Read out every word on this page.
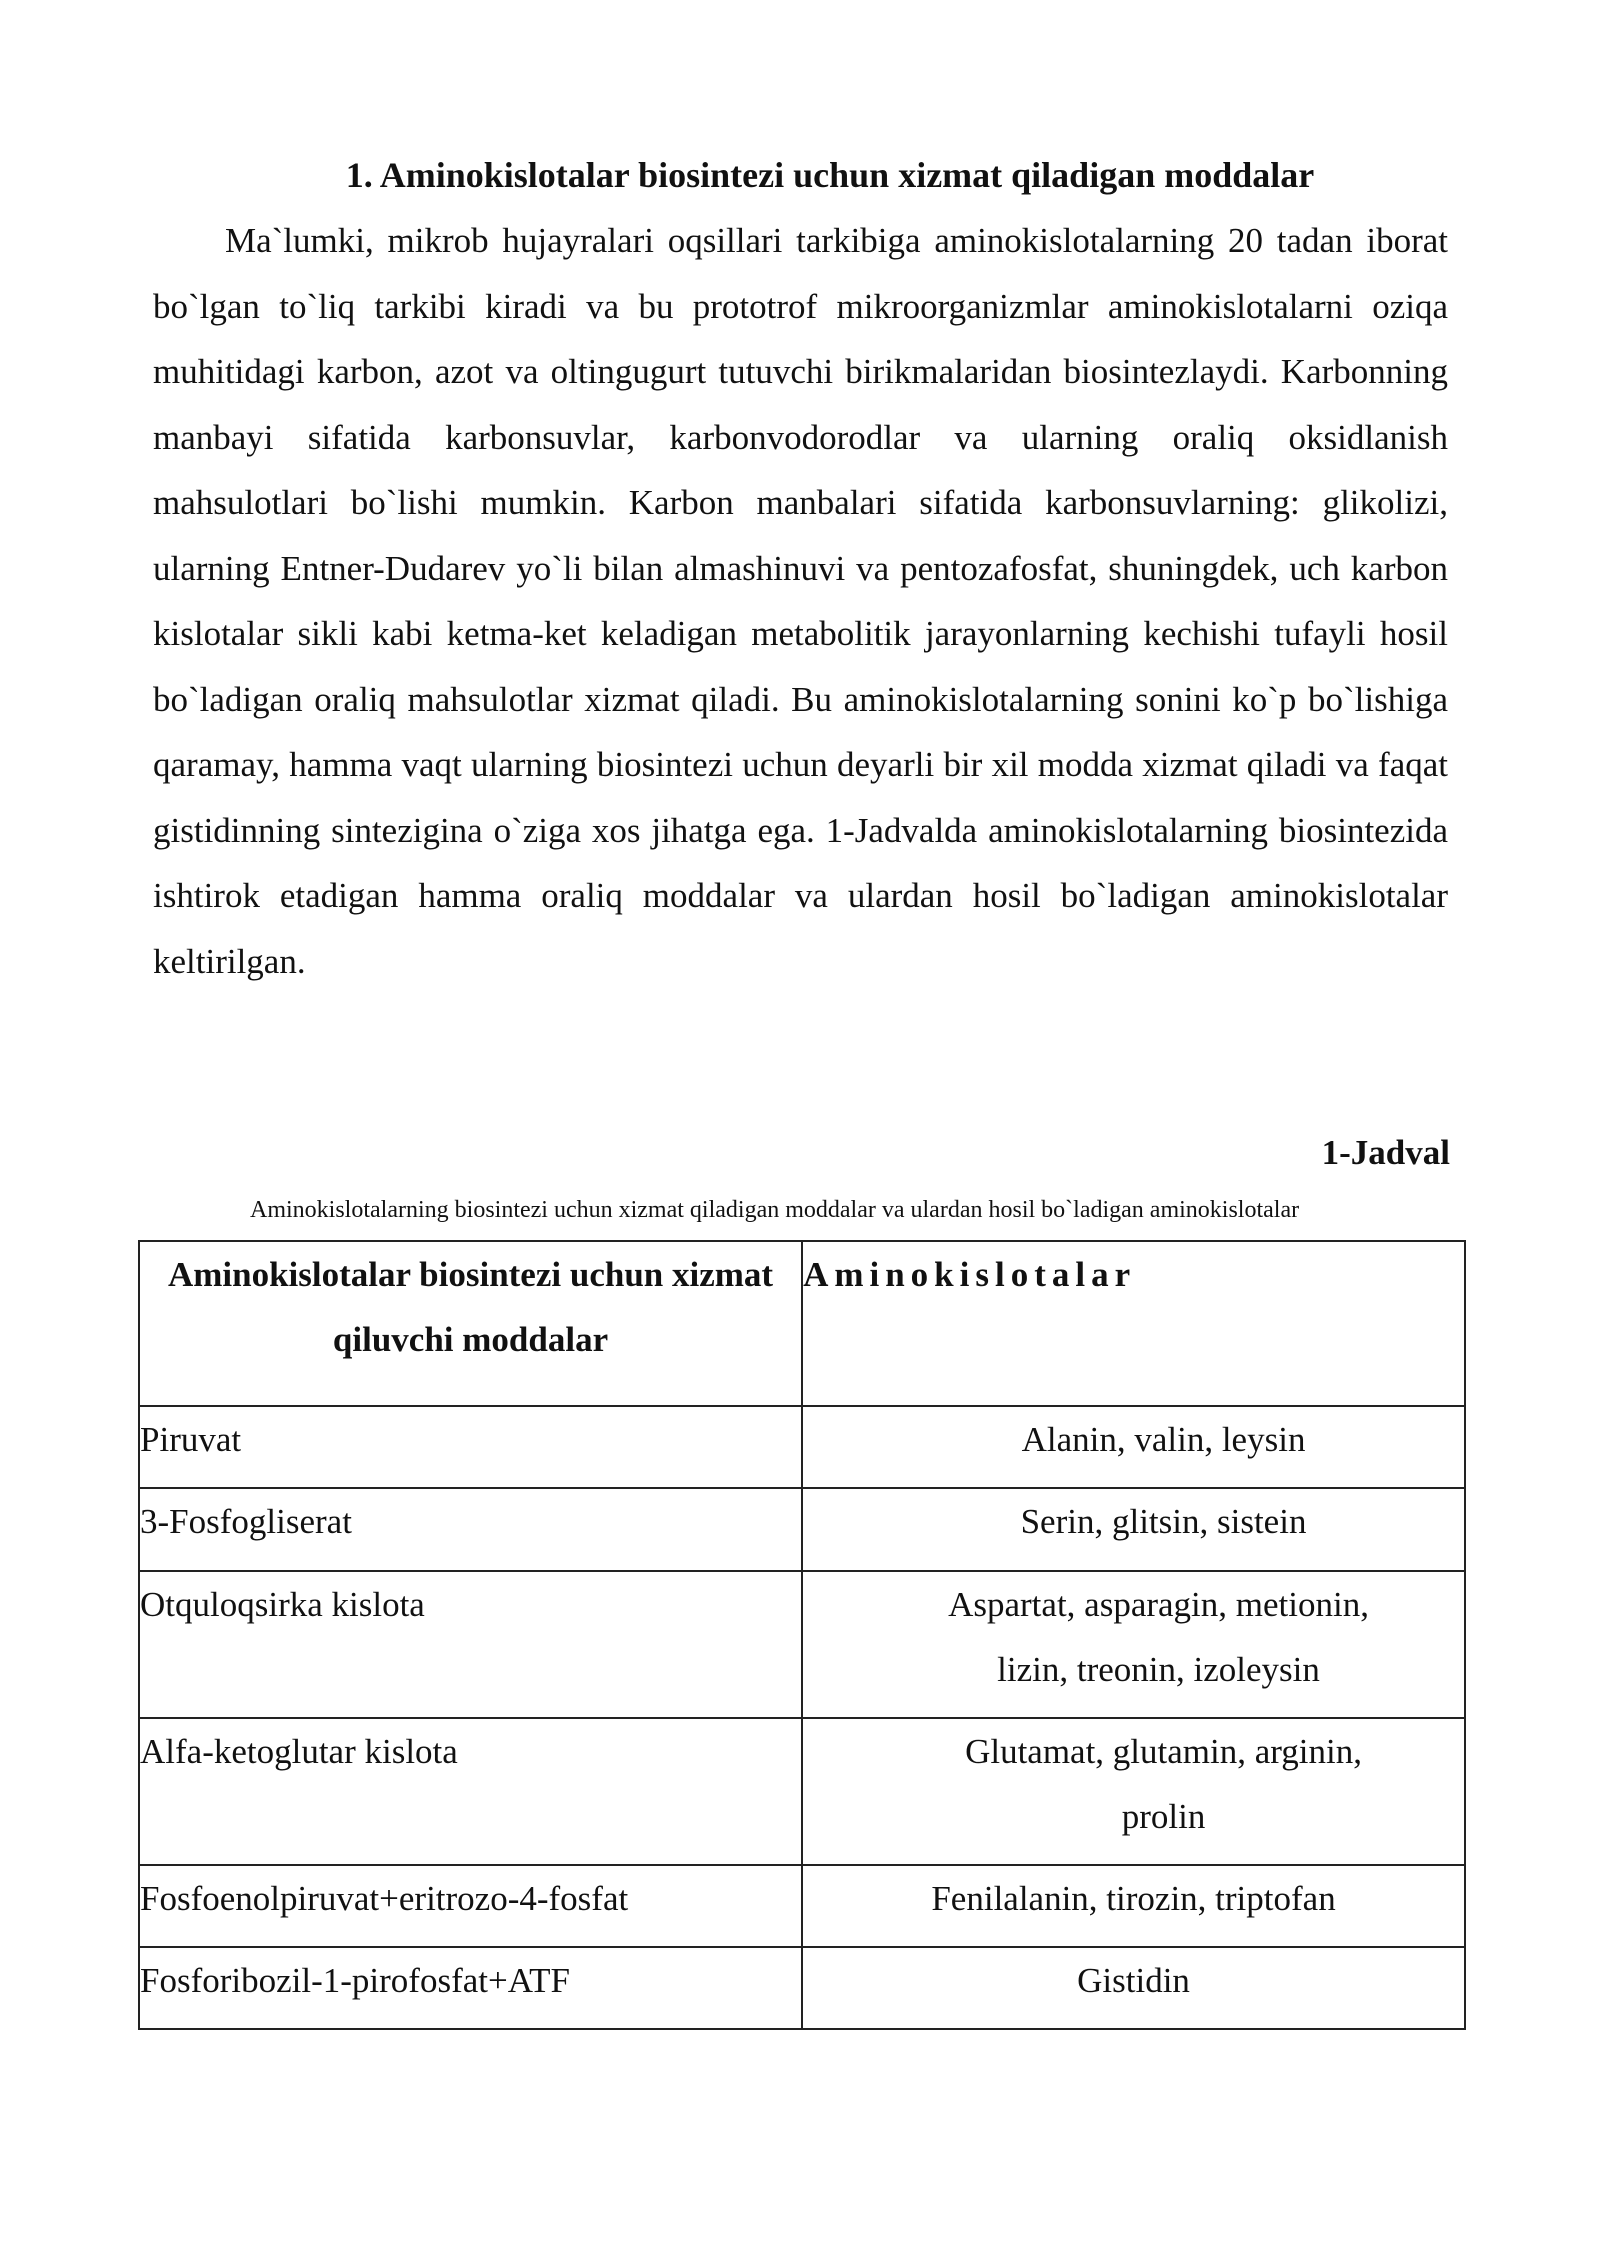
1. Aminokislotalar biosintezi uchun xizmat qiladigan moddalar

Ma`lumki, mikrob hujayralari oqsillari tarkibiga aminokislotalarning 20 tadan iborat bo`lgan to`liq tarkibi kiradi va bu prototrof mikroorganizmlar aminokislotalarni oziqa muhitidagi karbon, azot va oltingugurt tutuvchi birikmalaridan biosintezlaydi. Karbonning manbayi sifatida karbonsuvlar, karbonvodorodlar va ularning oraliq oksidlanish mahsulotlari bo`lishi mumkin. Karbon manbalari sifatida karbonsuvlarning: glikolizi, ularning Entner-Dudarev yo`li bilan almashinuvi va pentozafosfat, shuningdek, uch karbon kislotalar sikli kabi ketma-ket keladigan metabolitik jarayonlarning kechishi tufayli hosil bo`ladigan oraliq mahsulotlar xizmat qiladi. Bu aminokislotalarning sonini ko`p bo`lishiga qaramay, hamma vaqt ularning biosintezi uchun deyarli bir xil modda xizmat qiladi va faqat gistidinning sintezigina o`ziga xos jihatga ega. 1-Jadvalda aminokislotalarning biosintezida ishtirok etadigan hamma oraliq moddalar va ulardan hosil bo`ladigan aminokislotalar keltirilgan.

1-Jadval

Aminokislotalarning biosintezi uchun xizmat qiladigan moddalar va ulardan hosil bo`ladigan aminokislotalar

Aminokislotalar biosintezi uchun xizmat qiluvchi moddalar	Aminokislotalar
Piruvat	Alanin, valin, leysin
3-Fosfogliserat	Serin, glitsin, sistein
Otquloqsirka kislota	Aspartat, asparagin, metionin, lizin, treonin, izoleysin
Alfa-ketoglutar kislota	Glutamat, glutamin, arginin, prolin
Fosfoenolpiruvat+eritrozo-4-fosfat	Fenilalanin, tirozin, triptofan
Fosforibozil-1-pirofosfat+ATF	Gistidin
